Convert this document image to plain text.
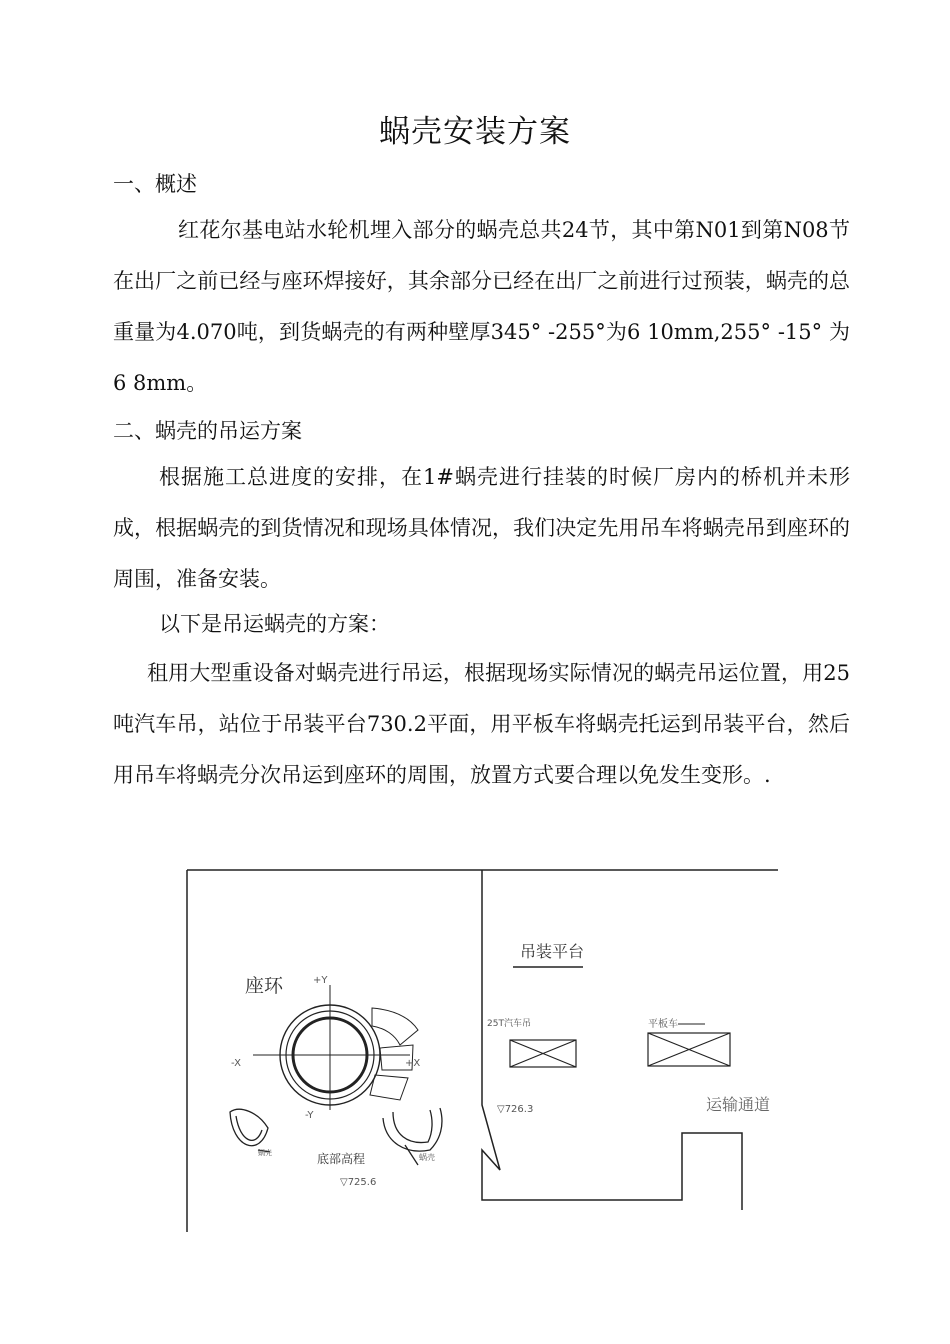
蜗壳安装方案
一、概述
红花尔基电站水轮机埋入部分的蜗壳总共24节，其中第N01到第N08节在出厂之前已经与座环焊接好，其余部分已经在出厂之前进行过预装，蜗壳的总重量为4.070吨，到货蜗壳的有两种壁厚345° -255°为6 10mm,255° -15° 为 6 8mm。
二、蜗壳的吊运方案
根据施工总进度的安排，在1#蜗壳进行挂装的时候厂房内的桥机并未形成，根据蜗壳的到货情况和现场具体情况，我们决定先用吊车将蜗壳吊到座环的周围，准备安装。
以下是吊运蜗壳的方案：
租用大型重设备对蜗壳进行吊运，根据现场实际情况的蜗壳吊运位置，用25吨汽车吊，站位于吊装平台730.2平面，用平板车将蜗壳托运到吊装平台，然后用吊车将蜗壳分次吊运到座环的周围，放置方式要合理以免发生变形。.
座环	+Y
-Y
+X
-X
蜗壳	蜗壳
底部高程
▽725.6
吊装平台
25T汽车吊	平板车
▽726.3	运输通道
